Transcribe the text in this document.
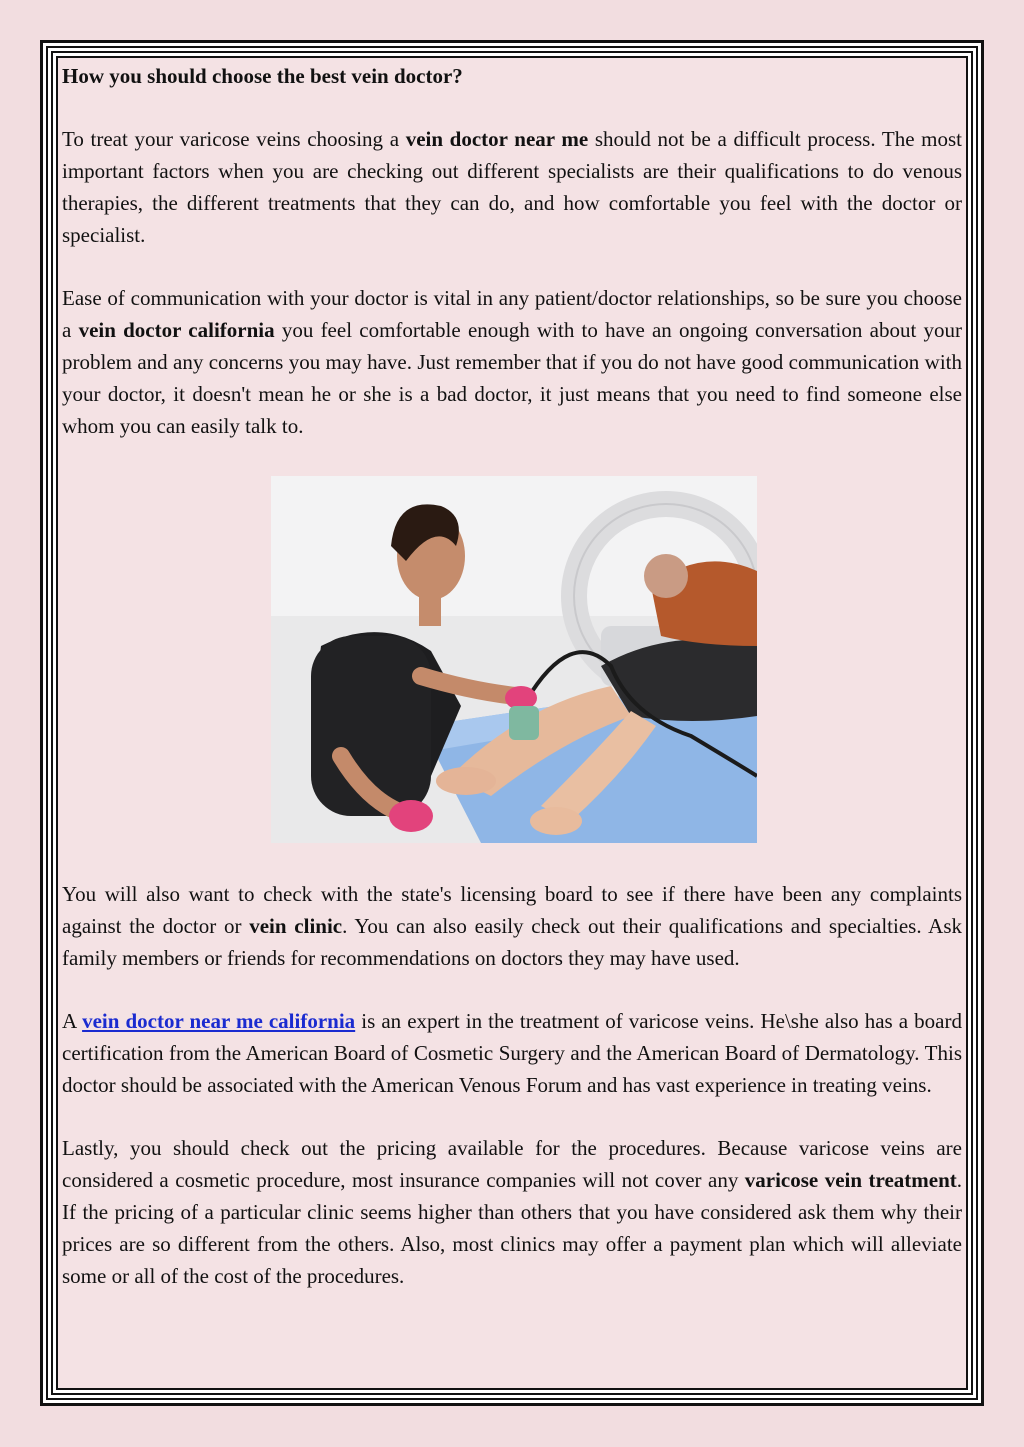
How you should choose the best vein doctor?

To treat your varicose veins choosing a vein doctor near me should not be a difficult process. The most important factors when you are checking out different specialists are their qualifications to do venous therapies, the different treatments that they can do, and how comfortable you feel with the doctor or specialist.

Ease of communication with your doctor is vital in any patient/doctor relationships, so be sure you choose a vein doctor california you feel comfortable enough with to have an ongoing conversation about your problem and any concerns you may have. Just remember that if you do not have good communication with your doctor, it doesn't mean he or she is a bad doctor, it just means that you need to find someone else whom you can easily talk to.

You will also want to check with the state's licensing board to see if there have been any complaints against the doctor or vein clinic. You can also easily check out their qualifications and specialties. Ask family members or friends for recommendations on doctors they may have used.

A vein doctor near me california is an expert in the treatment of varicose veins. He\she also has a board certification from the American Board of Cosmetic Surgery and the American Board of Dermatology. This doctor should be associated with the American Venous Forum and has vast experience in treating veins.

Lastly, you should check out the pricing available for the procedures. Because varicose veins are considered a cosmetic procedure, most insurance companies will not cover any varicose vein treatment. If the pricing of a particular clinic seems higher than others that you have considered ask them why their prices are so different from the others. Also, most clinics may offer a payment plan which will alleviate some or all of the cost of the procedures.
